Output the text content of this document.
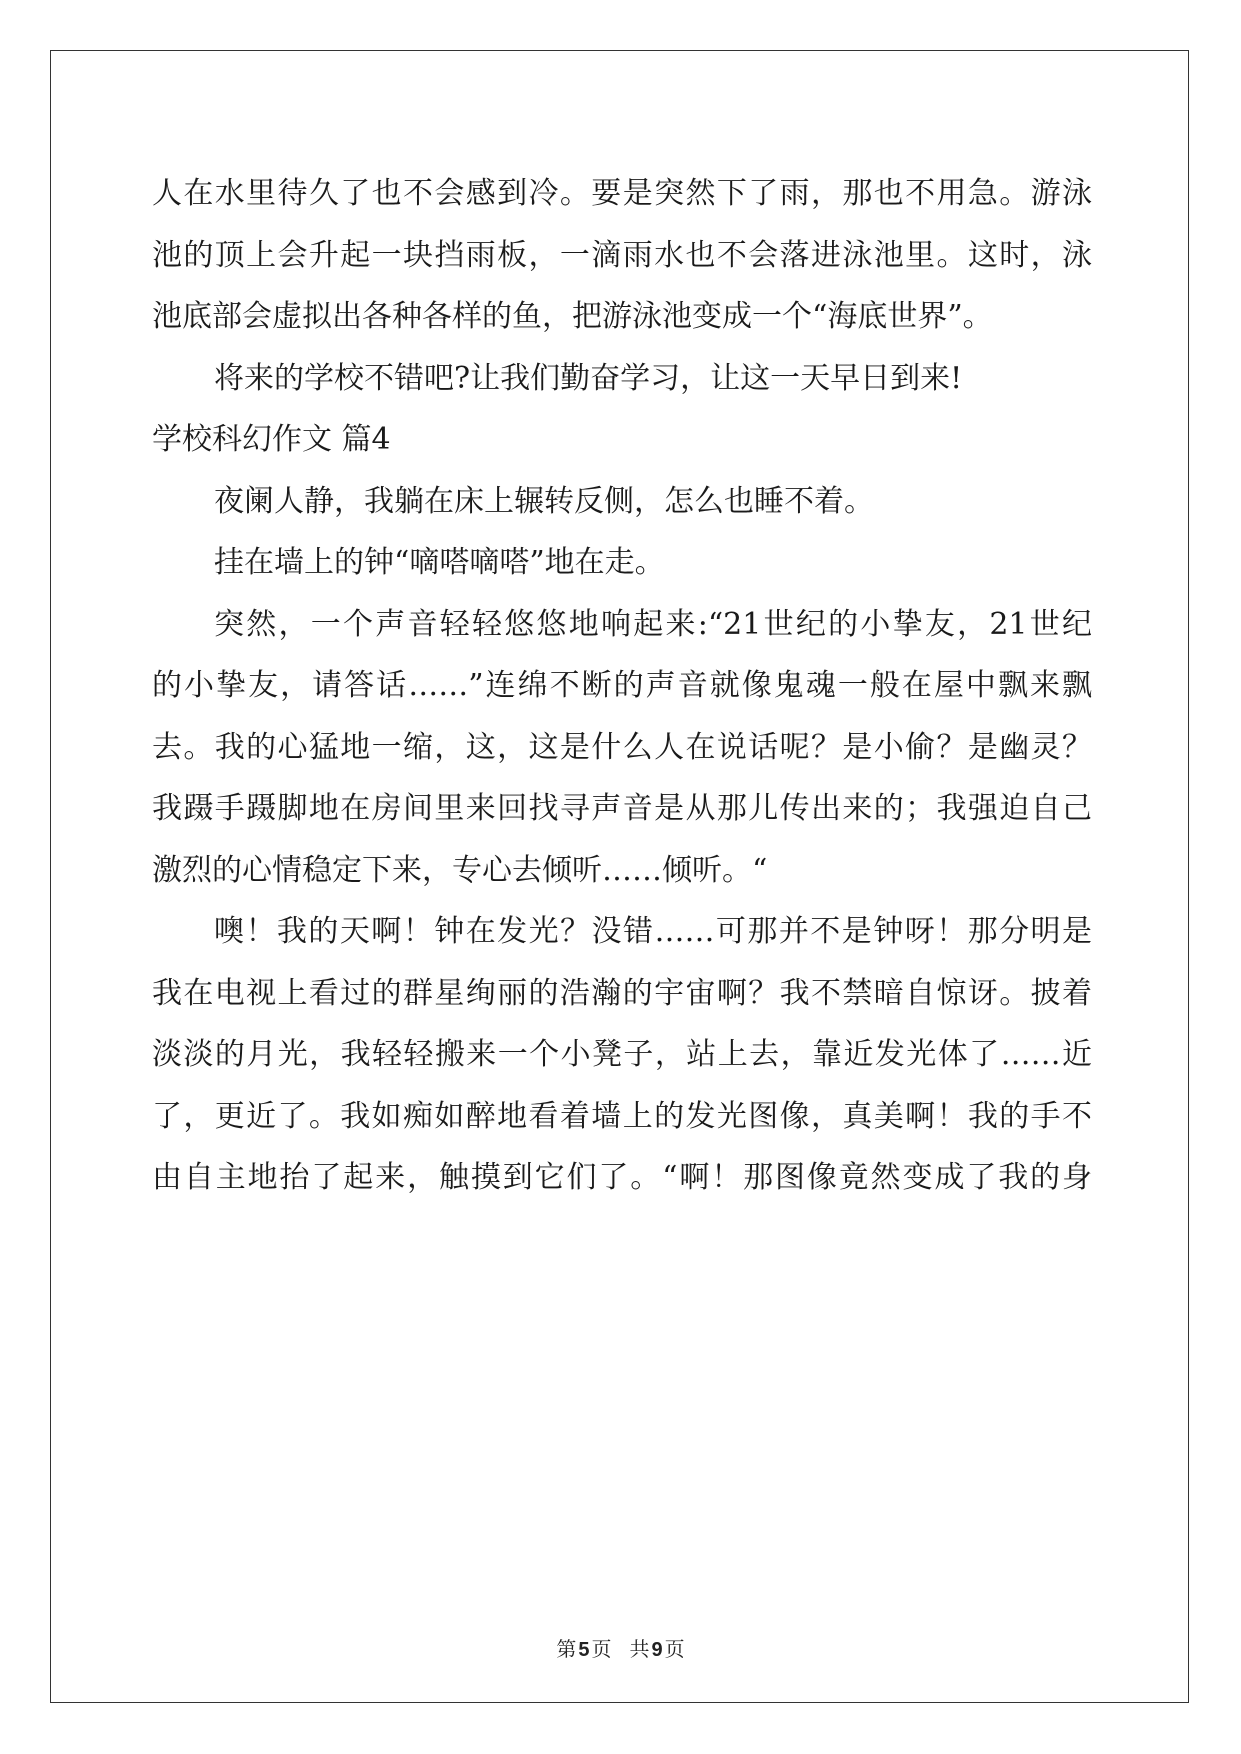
人在水里待久了也不会感到冷。要是突然下了雨，那也不用急。游泳
池的顶上会升起一块挡雨板，一滴雨水也不会落进泳池里。这时，泳
池底部会虚拟出各种各样的鱼，把游泳池变成一个“海底世界”。
将来的学校不错吧?让我们勤奋学习，让这一天早日到来!
学校科幻作文 篇4
夜阑人静，我躺在床上辗转反侧，怎么也睡不着。
挂在墙上的钟“嘀嗒嘀嗒”地在走。
突然，一个声音轻轻悠悠地响起来:“21世纪的小挚友，21世纪
的小挚友，请答话……”连绵不断的声音就像鬼魂一般在屋中飘来飘
去。我的心猛地一缩，这，这是什么人在说话呢？是小偷？是幽灵？
我蹑手蹑脚地在房间里来回找寻声音是从那儿传出来的；我强迫自己
激烈的心情稳定下来，专心去倾听……倾听。“
噢！我的天啊！钟在发光？没错……可那并不是钟呀！那分明是
我在电视上看过的群星绚丽的浩瀚的宇宙啊？我不禁暗自惊讶。披着
淡淡的月光，我轻轻搬来一个小凳子，站上去，靠近发光体了……近
了，更近了。我如痴如醉地看着墙上的发光图像，真美啊！我的手不
由自主地抬了起来，触摸到它们了。“啊！那图像竟然变成了我的身
第 5 页 共 9 页
